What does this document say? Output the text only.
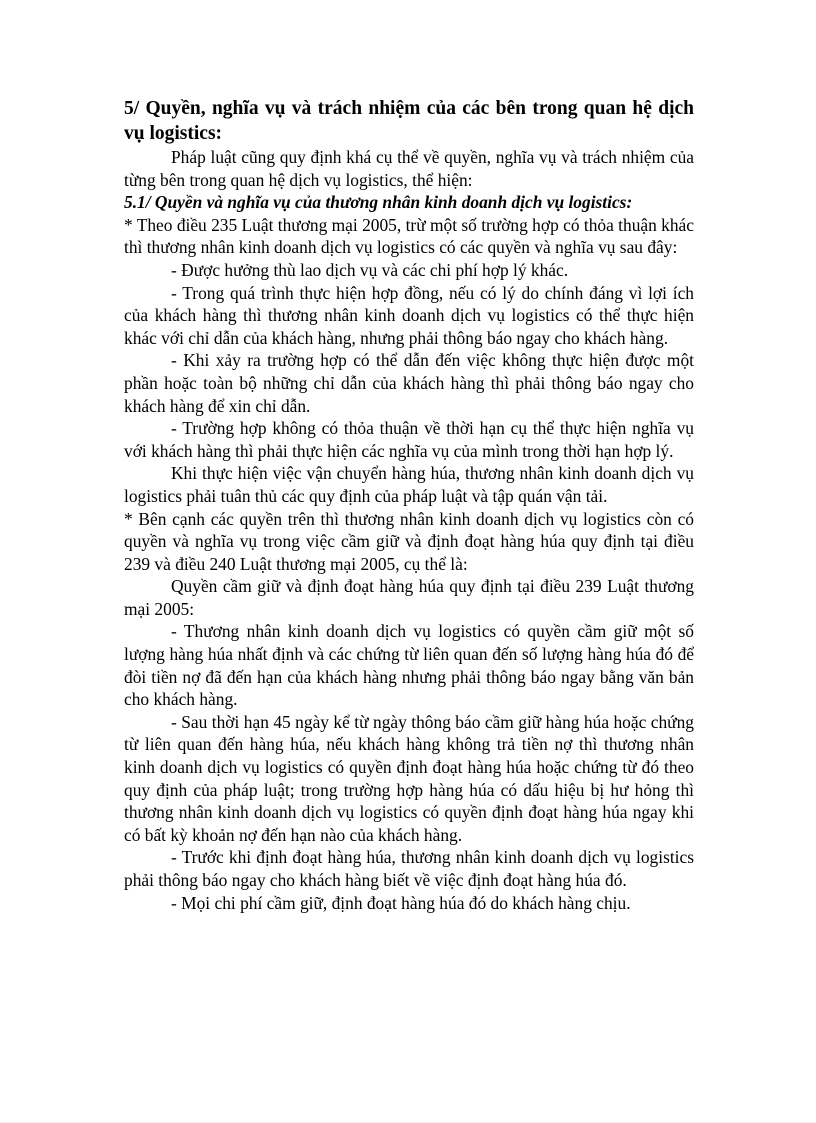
5/ Quyền, nghĩa vụ và trách nhiệm của các bên trong quan hệ dịch vụ logistics:

Pháp luật cũng quy định khá cụ thể về quyền, nghĩa vụ và trách nhiệm của từng bên trong quan hệ dịch vụ logistics, thể hiện:

5.1/ Quyền và nghĩa vụ của thương nhân kinh doanh dịch vụ logistics:

* Theo điều 235 Luật thương mại 2005, trừ một số trường hợp có thỏa thuận khác thì thương nhân kinh doanh dịch vụ logistics có các quyền và nghĩa vụ sau đây:

- Được hưởng thù lao dịch vụ và các chi phí hợp lý khác.

- Trong quá trình thực hiện hợp đồng, nếu có lý do chính đáng vì lợi ích của khách hàng thì thương nhân kinh doanh dịch vụ logistics có thể thực hiện khác với chỉ dẫn của khách hàng, nhưng phải thông báo ngay cho khách hàng.

- Khi xảy ra trường hợp có thể dẫn đến việc không thực hiện được một phần hoặc toàn bộ những chỉ dẫn của khách hàng thì phải thông báo ngay cho khách hàng để xin chỉ dẫn.

- Trường hợp không có thỏa thuận về thời hạn cụ thể thực hiện nghĩa vụ với khách hàng thì phải thực hiện các nghĩa vụ của mình trong thời hạn hợp lý.

Khi thực hiện việc vận chuyển hàng húa, thương nhân kinh doanh dịch vụ logistics phải tuân thủ các quy định của pháp luật và tập quán vận tải.

* Bên cạnh các quyền trên thì thương nhân kinh doanh dịch vụ logistics còn có quyền và nghĩa vụ trong việc cầm giữ và định đoạt hàng húa quy định tại điều 239 và điều 240 Luật thương mại 2005, cụ thể là:

Quyền cầm giữ và định đoạt hàng húa quy định tại điều 239 Luật thương mại 2005:

- Thương nhân kinh doanh dịch vụ logistics có quyền cầm giữ một số lượng hàng húa nhất định và các chứng từ liên quan đến số lượng hàng húa đó để đòi tiền nợ đã đến hạn của khách hàng nhưng phải thông báo ngay bằng văn bản cho khách hàng.

- Sau thời hạn 45 ngày kể từ ngày thông báo cầm giữ hàng húa hoặc chứng từ liên quan đến hàng húa, nếu khách hàng không trả tiền nợ thì thương nhân kinh doanh dịch vụ logistics có quyền định đoạt hàng húa hoặc chứng từ đó theo quy định của pháp luật; trong trường hợp hàng húa có dấu hiệu bị hư hỏng thì thương nhân kinh doanh dịch vụ logistics có quyền định đoạt hàng húa ngay khi có bất kỳ khoản nợ đến hạn nào của khách hàng.

- Trước khi định đoạt hàng húa, thương nhân kinh doanh dịch vụ logistics phải thông báo ngay cho khách hàng biết về việc định đoạt hàng húa đó.

- Mọi chi phí cầm giữ, định đoạt hàng húa đó do khách hàng chịu.
